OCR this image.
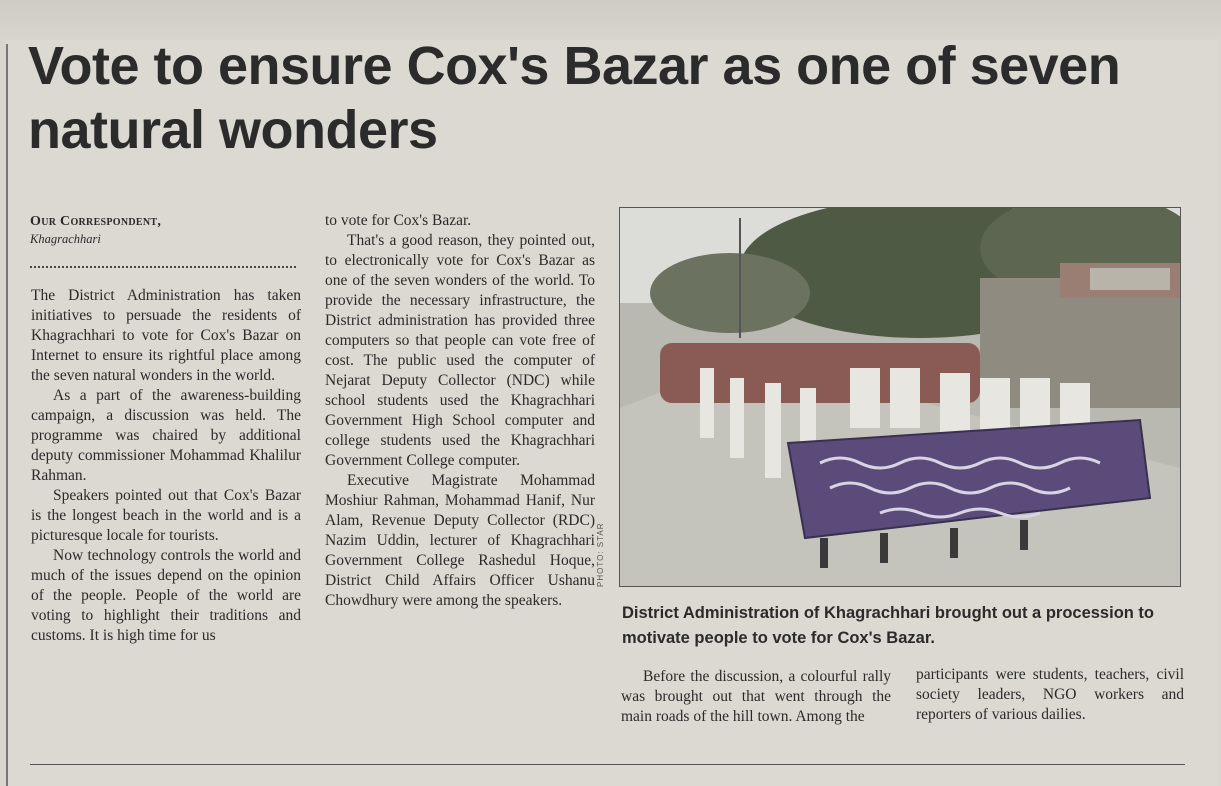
Vote to ensure Cox's Bazar as one of seven natural wonders
Our Correspondent,
Khagrachhari

The District Administration has taken initiatives to persuade the residents of Khagrachhari to vote for Cox's Bazar on Internet to ensure its rightful place among the seven natural wonders in the world.

As a part of the awareness-building campaign, a discussion was held. The programme was chaired by additional deputy commissioner Mohammad Khalilur Rahman.

Speakers pointed out that Cox's Bazar is the longest beach in the world and is a picturesque locale for tourists.

Now technology controls the world and much of the issues depend on the opinion of the people. People of the world are voting to highlight their traditions and customs. It is high time for us

to vote for Cox's Bazar.

That's a good reason, they pointed out, to electronically vote for Cox's Bazar as one of the seven wonders of the world. To provide the necessary infrastructure, the District administration has provided three computers so that people can vote free of cost. The public used the computer of Nejarat Deputy Collector (NDC) while school students used the Khagrachhari Government High School computer and college students used the Khagrachhari Government College computer.

Executive Magistrate Mohammad Moshiur Rahman, Mohammad Hanif, Nur Alam, Revenue Deputy Collector (RDC) Nazim Uddin, lecturer of Khagrachhari Government College Rashedul Hoque, District Child Affairs Officer Ushanu Chowdhury were among the speakers.

PHOTO: STAR
District Administration of Khagrachhari brought out a procession to motivate people to vote for Cox's Bazar.
Before the discussion, a colourful rally was brought out that went through the main roads of the hill town. Among the
participants were students, teachers, civil society leaders, NGO workers and reporters of various dailies.
